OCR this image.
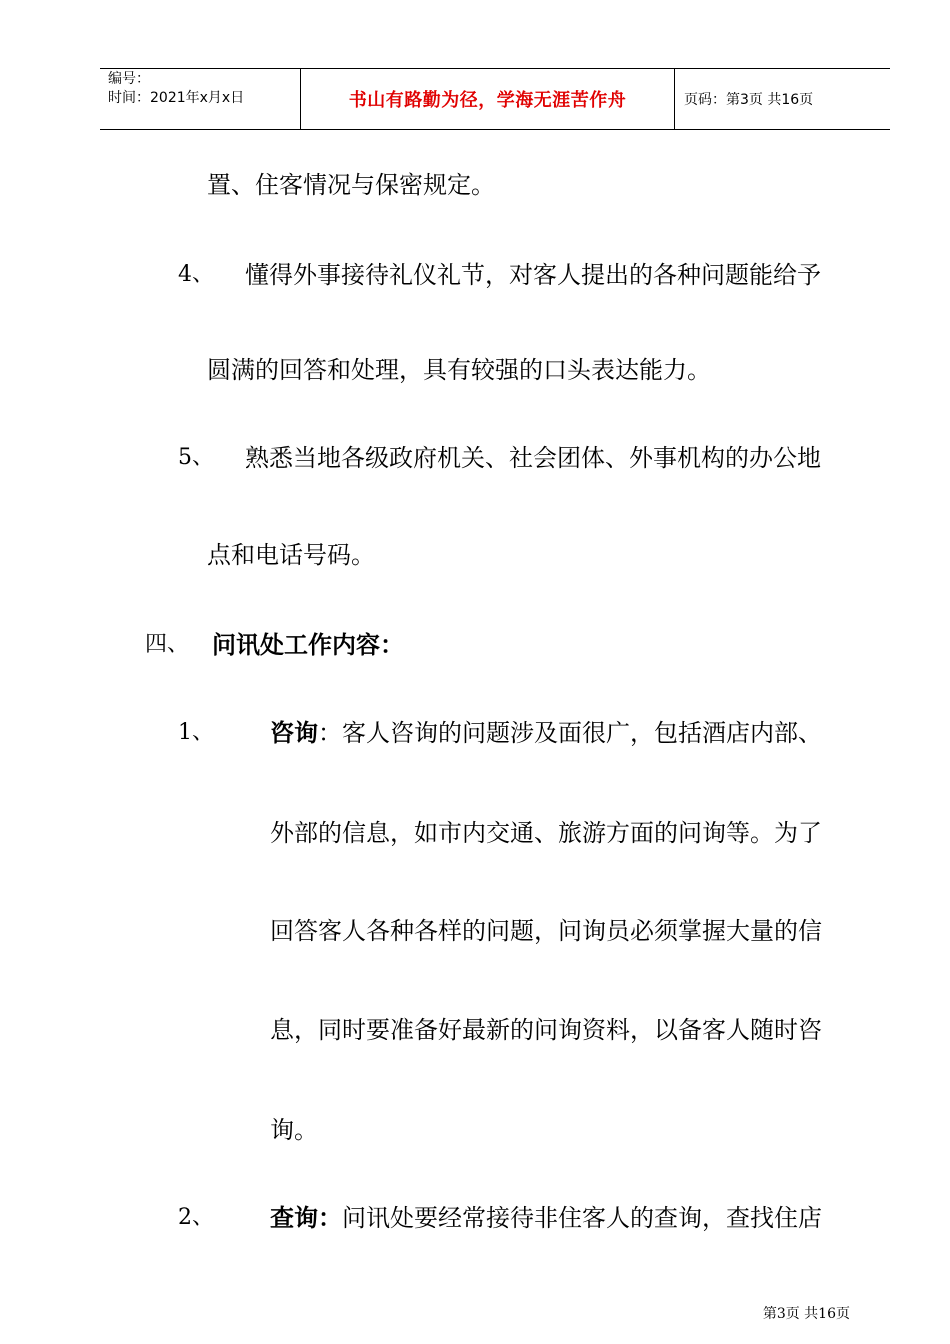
编号：
时间：2021年x月x日	书山有路勤为径，学海无涯苦作舟	页码：第3页 共16页
置、住客情况与保密规定。
4、 懂得外事接待礼仪礼节，对客人提出的各种问题能给予
圆满的回答和处理，具有较强的口头表达能力。
5、 熟悉当地各级政府机关、社会团体、外事机构的办公地
点和电话号码。
四、 问讯处工作内容：
1、 咨询：客人咨询的问题涉及面很广，包括酒店内部、
外部的信息，如市内交通、旅游方面的问询等。为了
回答客人各种各样的问题，问询员必须掌握大量的信
息，同时要准备好最新的问询资料，以备客人随时咨
询。
2、 查询：问讯处要经常接待非住客人的查询，查找住店
第3页 共16页
